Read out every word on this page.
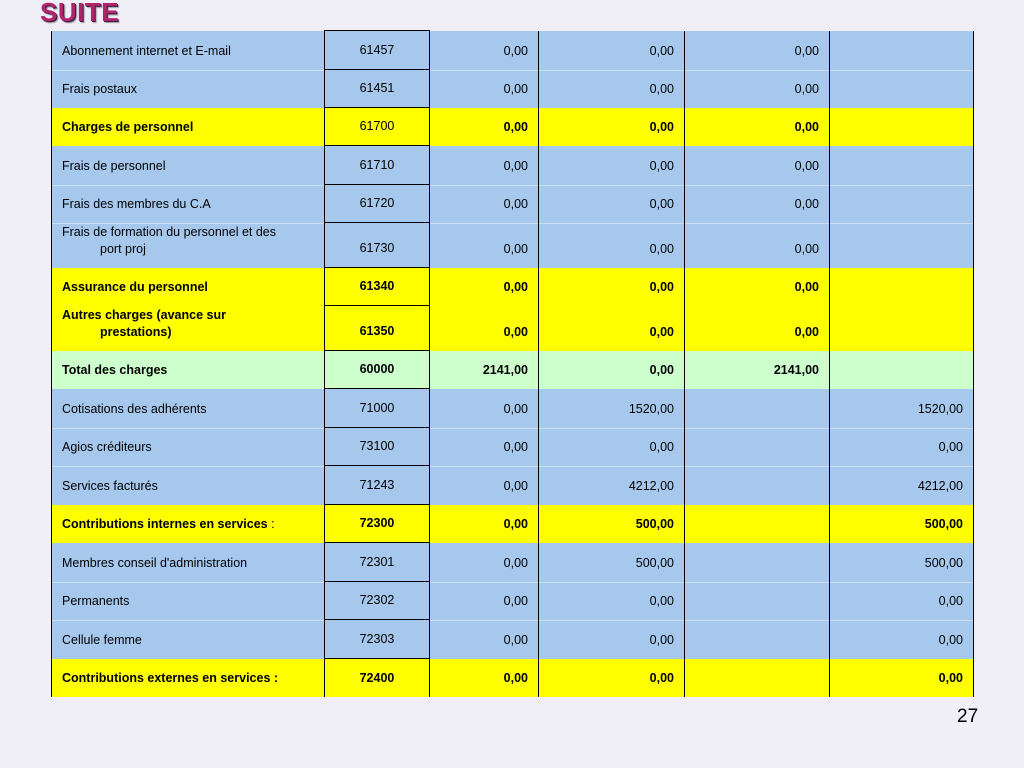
SUITE
Abonnement internet et E-mail	61457	0,00	0,00	0,00	
Frais postaux	61451	0,00	0,00	0,00	
Charges de personnel	61700	0,00	0,00	0,00	
Frais de personnel	61710	0,00	0,00	0,00	
Frais des membres du C.A	61720	0,00	0,00	0,00	

Frais de formation du personnel et des
port proj	61730	0,00	0,00	0,00	
Assurance du personnel	61340	0,00	0,00	0,00	

Autres charges (avance sur
prestations)	61350	0,00	0,00	0,00	
Total des charges	60000	2141,00	0,00	2141,00	
Cotisations des adhérents	71000	0,00	1520,00		1520,00
Agios créditeurs	73100	0,00	0,00		0,00
Services facturés	71243	0,00	4212,00		4212,00
Contributions internes en services :	72300	0,00	500,00		500,00
Membres conseil d'administration	72301	0,00	500,00		500,00
Permanents	72302	0,00	0,00		0,00
Cellule femme	72303	0,00	0,00		0,00
Contributions externes en services :	72400	0,00	0,00		0,00
27
